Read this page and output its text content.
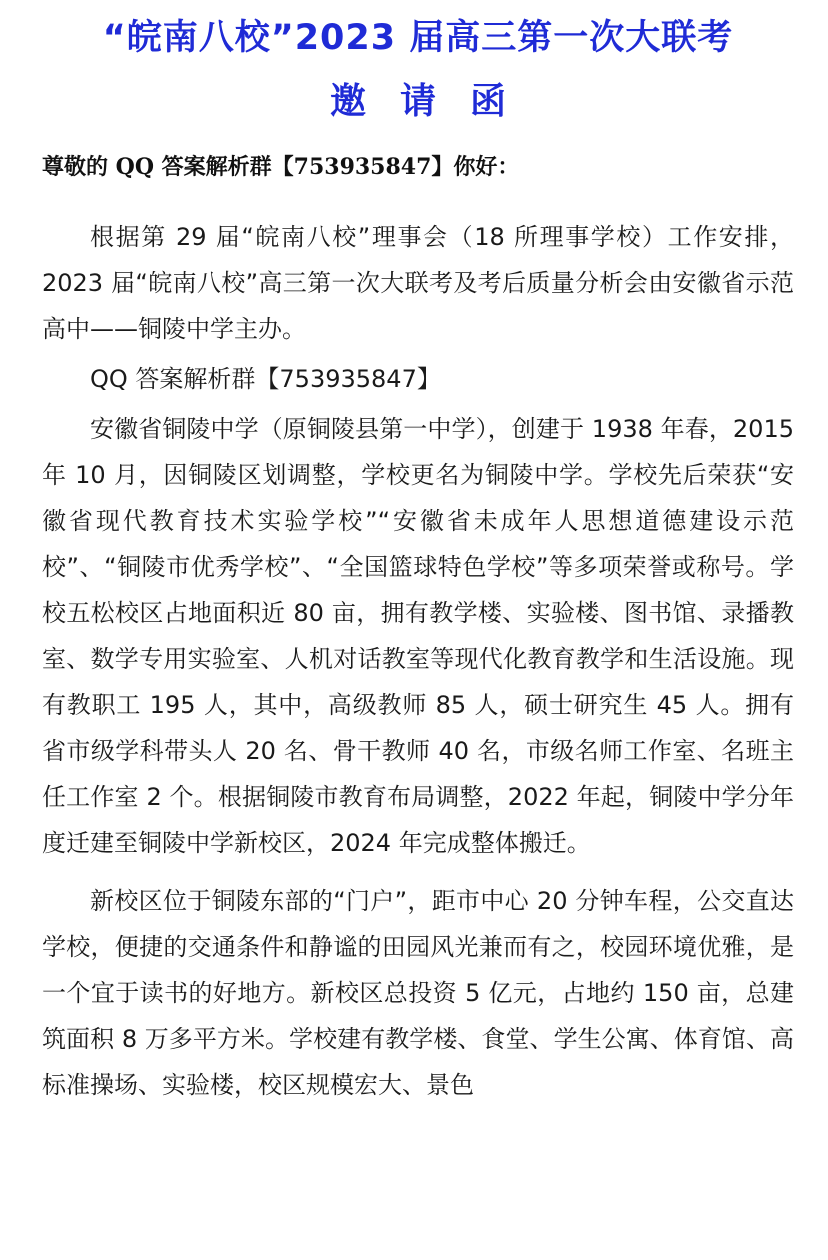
“皖南八校”2023 届高三第一次大联考
邀请函

尊敬的 QQ 答案解析群【753935847】你好：

根据第 29 届“皖南八校”理事会（18 所理事学校）工作安排，2023 届“皖南八校”高三第一次大联考及考后质量分析会由安徽省示范高中——铜陵中学主办。

QQ 答案解析群【753935847】

安徽省铜陵中学（原铜陵县第一中学），创建于 1938 年春，2015 年 10 月，因铜陵区划调整，学校更名为铜陵中学。学校先后荣获“安徽省现代教育技术实验学校”“安徽省未成年人思想道德建设示范校”、“铜陵市优秀学校”、“全国篮球特色学校”等多项荣誉或称号。学校五松校区占地面积近 80 亩，拥有教学楼、实验楼、图书馆、录播教室、数学专用实验室、人机对话教室等现代化教育教学和生活设施。现有教职工 195 人，其中，高级教师 85 人，硕士研究生 45 人。拥有省市级学科带头人 20 名、骨干教师 40 名，市级名师工作室、名班主任工作室 2 个。根据铜陵市教育布局调整，2022 年起，铜陵中学分年度迁建至铜陵中学新校区，2024 年完成整体搬迁。

新校区位于铜陵东部的“门户”，距市中心 20 分钟车程，公交直达学校，便捷的交通条件和静谧的田园风光兼而有之，校园环境优雅，是一个宜于读书的好地方。新校区总投资 5 亿元，占地约 150 亩，总建筑面积 8 万多平方米。学校建有教学楼、食堂、学生公寓、体育馆、高标准操场、实验楼，校区规模宏大、景色
